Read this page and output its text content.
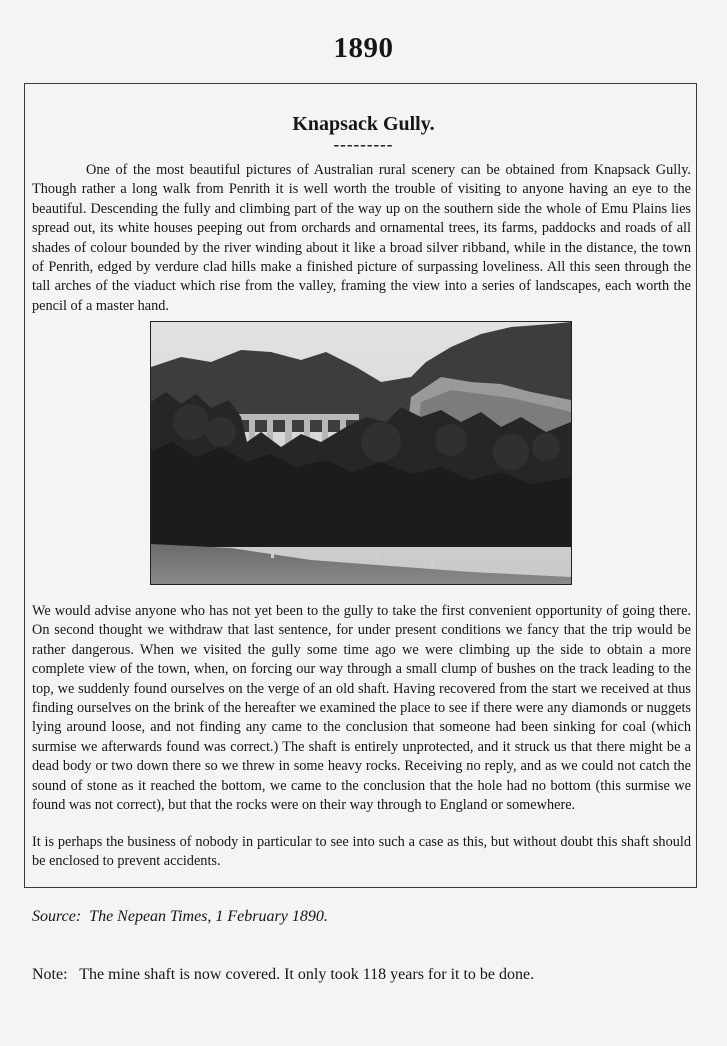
1890
Knapsack Gully.
---------

One of the most beautiful pictures of Australian rural scenery can be obtained from Knapsack Gully. Though rather a long walk from Penrith it is well worth the trouble of visiting to anyone having an eye to the beautiful. Descending the fully and climbing part of the way up on the southern side the whole of Emu Plains lies spread out, its white houses peeping out from orchards and ornamental trees, its farms, paddocks and roads of all shades of colour bounded by the river winding about it like a broad silver ribband, while in the distance, the town of Penrith, edged by verdure clad hills make a finished picture of surpassing loveliness. All this seen through the tall arches of the viaduct which rise from the valley, framing the view into a series of landscapes, each worth the pencil of a master hand.

We would advise anyone who has not yet been to the gully to take the first convenient opportunity of going there. On second thought we withdraw that last sentence, for under present conditions we fancy that the trip would be rather dangerous. When we visited the gully some time ago we were climbing up the side to obtain a more complete view of the town, when, on forcing our way through a small clump of bushes on the track leading to the top, we suddenly found ourselves on the verge of an old shaft. Having recovered from the start we received at thus finding ourselves on the brink of the hereafter we examined the place to see if there were any diamonds or nuggets lying around loose, and not finding any came to the conclusion that someone had been sinking for coal (which surmise we afterwards found was correct.) The shaft is entirely unprotected, and it struck us that there might be a dead body or two down there so we threw in some heavy rocks. Receiving no reply, and as we could not catch the sound of stone as it reached the bottom, we came to the conclusion that the hole had no bottom (this surmise we found was not correct), but that the rocks were on their way through to England or somewhere.

It is perhaps the business of nobody in particular to see into such a case as this, but without doubt this shaft should be enclosed to prevent accidents.

Source: The Nepean Times, 1 February 1890.
Note: The mine shaft is now covered. It only took 118 years for it to be done.
